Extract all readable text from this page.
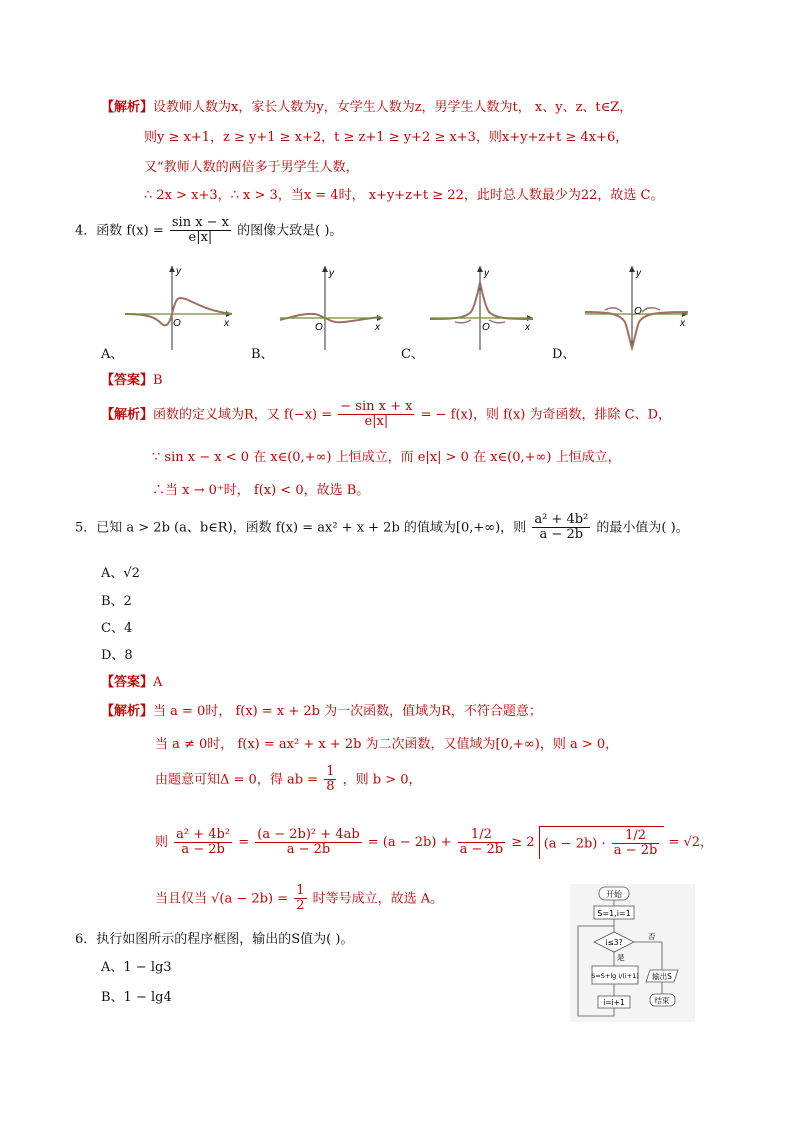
【解析】设教师人数为x，家长人数为y，女学生人数为z，男学生人数为t， x、y、z、t∈Z，
则y ≥ x+1，z ≥ y+1 ≥ x+2，t ≥ z+1 ≥ y+2 ≥ x+3，则x+y+z+t ≥ 4x+6，
又“教师人数的两倍多于男学生人数，
∴ 2x > x+3，∴ x > 3，当x = 4时， x+y+z+t ≥ 22，此时总人数最少为22，故选 C。
4．函数 $f(x) = \frac{\text{sin x − x}}{e|x|}$ 的图像大致是( )。
y
x
O
A、
y
x
O
B、
y
x
O
C、
y
x
O
D、
【答案】B
【解析】函数的定义域为R，又 $f(-x) = \frac{\text{− sin x + x}}{e|x|}$ = − f(x)，则 f(x) 为奇函数，排除 C、D，
∵ sin x − x < 0 在 x∈(0,+∞) 上恒成立，而 e|x| > 0 在 x∈(0,+∞) 上恒成立，
∴当 x → 0⁺时， f(x) < 0，故选 B。
5．已知 a > 2b (a、b∈R)，函数 f(x) = ax² + x + 2b 的值域为[0,+∞)，则 $\frac{\text{a² + 4b²}}{a - 2b}$ 的最小值为( )。
A、√2
B、2
C、4
D、8
【答案】A
【解析】当 a = 0时， f(x) = x + 2b 为一次函数，值域为R，不符合题意；
当 a ≠ 0时， f(x) = ax² + x + 2b 为二次函数，又值域为[0,+∞)，则 a > 0，
由题意可知Δ = 0，得 ab = $\frac{1}{8}$ ，则 b > 0，
则 $\frac{\text{a² + 4b²}}{a - 2b} = \frac{\text{(a − 2b)² + 4ab}}{a - 2b} = (a - 2b) + \frac{1/2}{a - 2b} \ge 2$ $(a - 2b) \cdot \frac{1/2}{a - 2b} = √2$，
当且仅当 $√(a - 2b) = \frac{1}{2}$ 时等号成立，故选 A。
6．执行如图所示的程序框图，输出的S值为( )。
A、1 − lg3
B、1 − lg4
开始
S=1,i=1
i≤3?
否
是
S=S+lg i/(i+1) 输出S
结束
i=i+1
